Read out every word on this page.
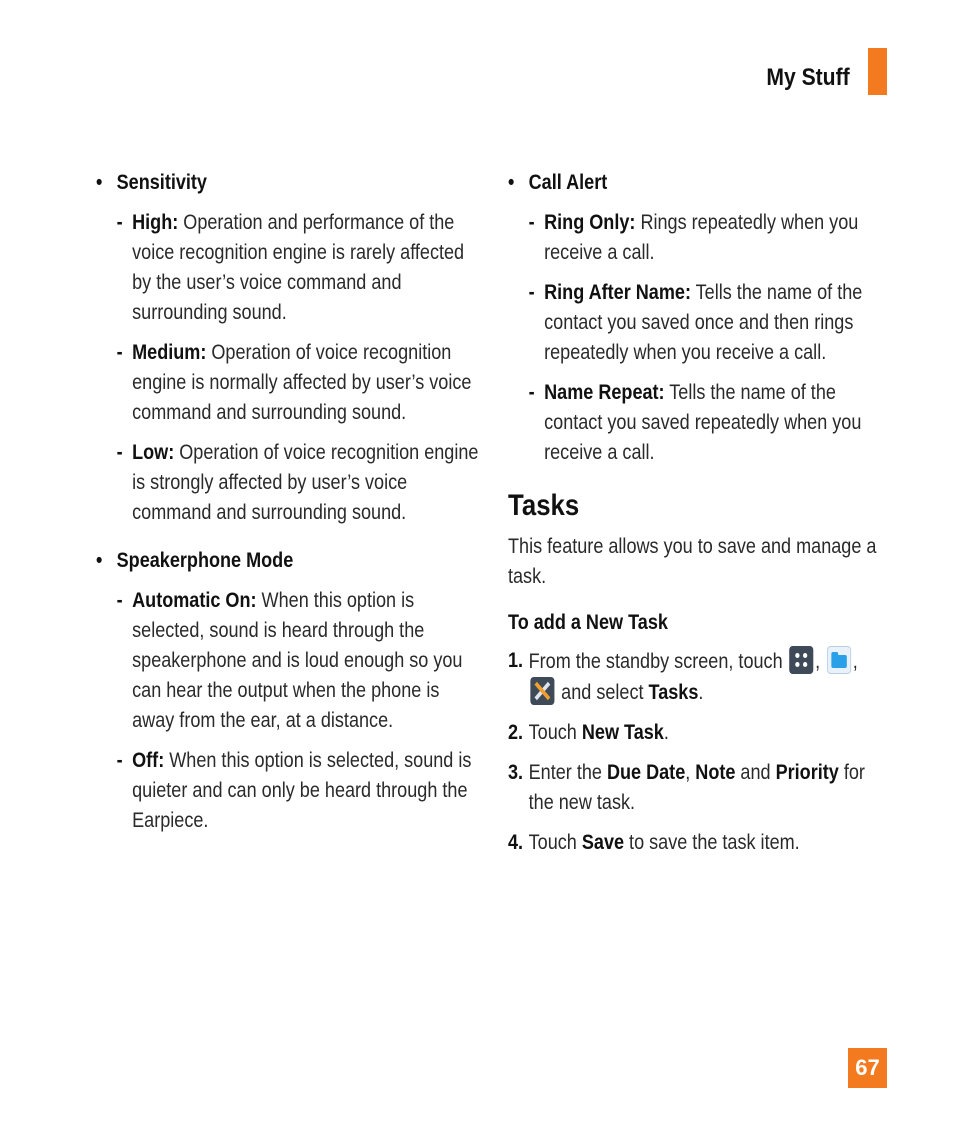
My Stuff
• Sensitivity
- High: Operation and performance of the voice recognition engine is rarely affected by the user’s voice command and surrounding sound.
- Medium: Operation of voice recognition engine is normally affected by user’s voice command and surrounding sound.
- Low: Operation of voice recognition engine is strongly affected by user’s voice command and surrounding sound.
• Speakerphone Mode
- Automatic On: When this option is selected, sound is heard through the speakerphone and is loud enough so you can hear the output when the phone is away from the ear, at a distance.
- Off: When this option is selected, sound is quieter and can only be heard through the Earpiece.
• Call Alert
- Ring Only: Rings repeatedly when you receive a call.
- Ring After Name: Tells the name of the contact you saved once and then rings repeatedly when you receive a call.
- Name Repeat: Tells the name of the contact you saved repeatedly when you receive a call.
Tasks
This feature allows you to save and manage a task.
To add a New Task
1. From the standby screen, touch , ,
and select Tasks.
2. Touch New Task.
3. Enter the Due Date, Note and Priority for the new task.
4. Touch Save to save the task item.
67
